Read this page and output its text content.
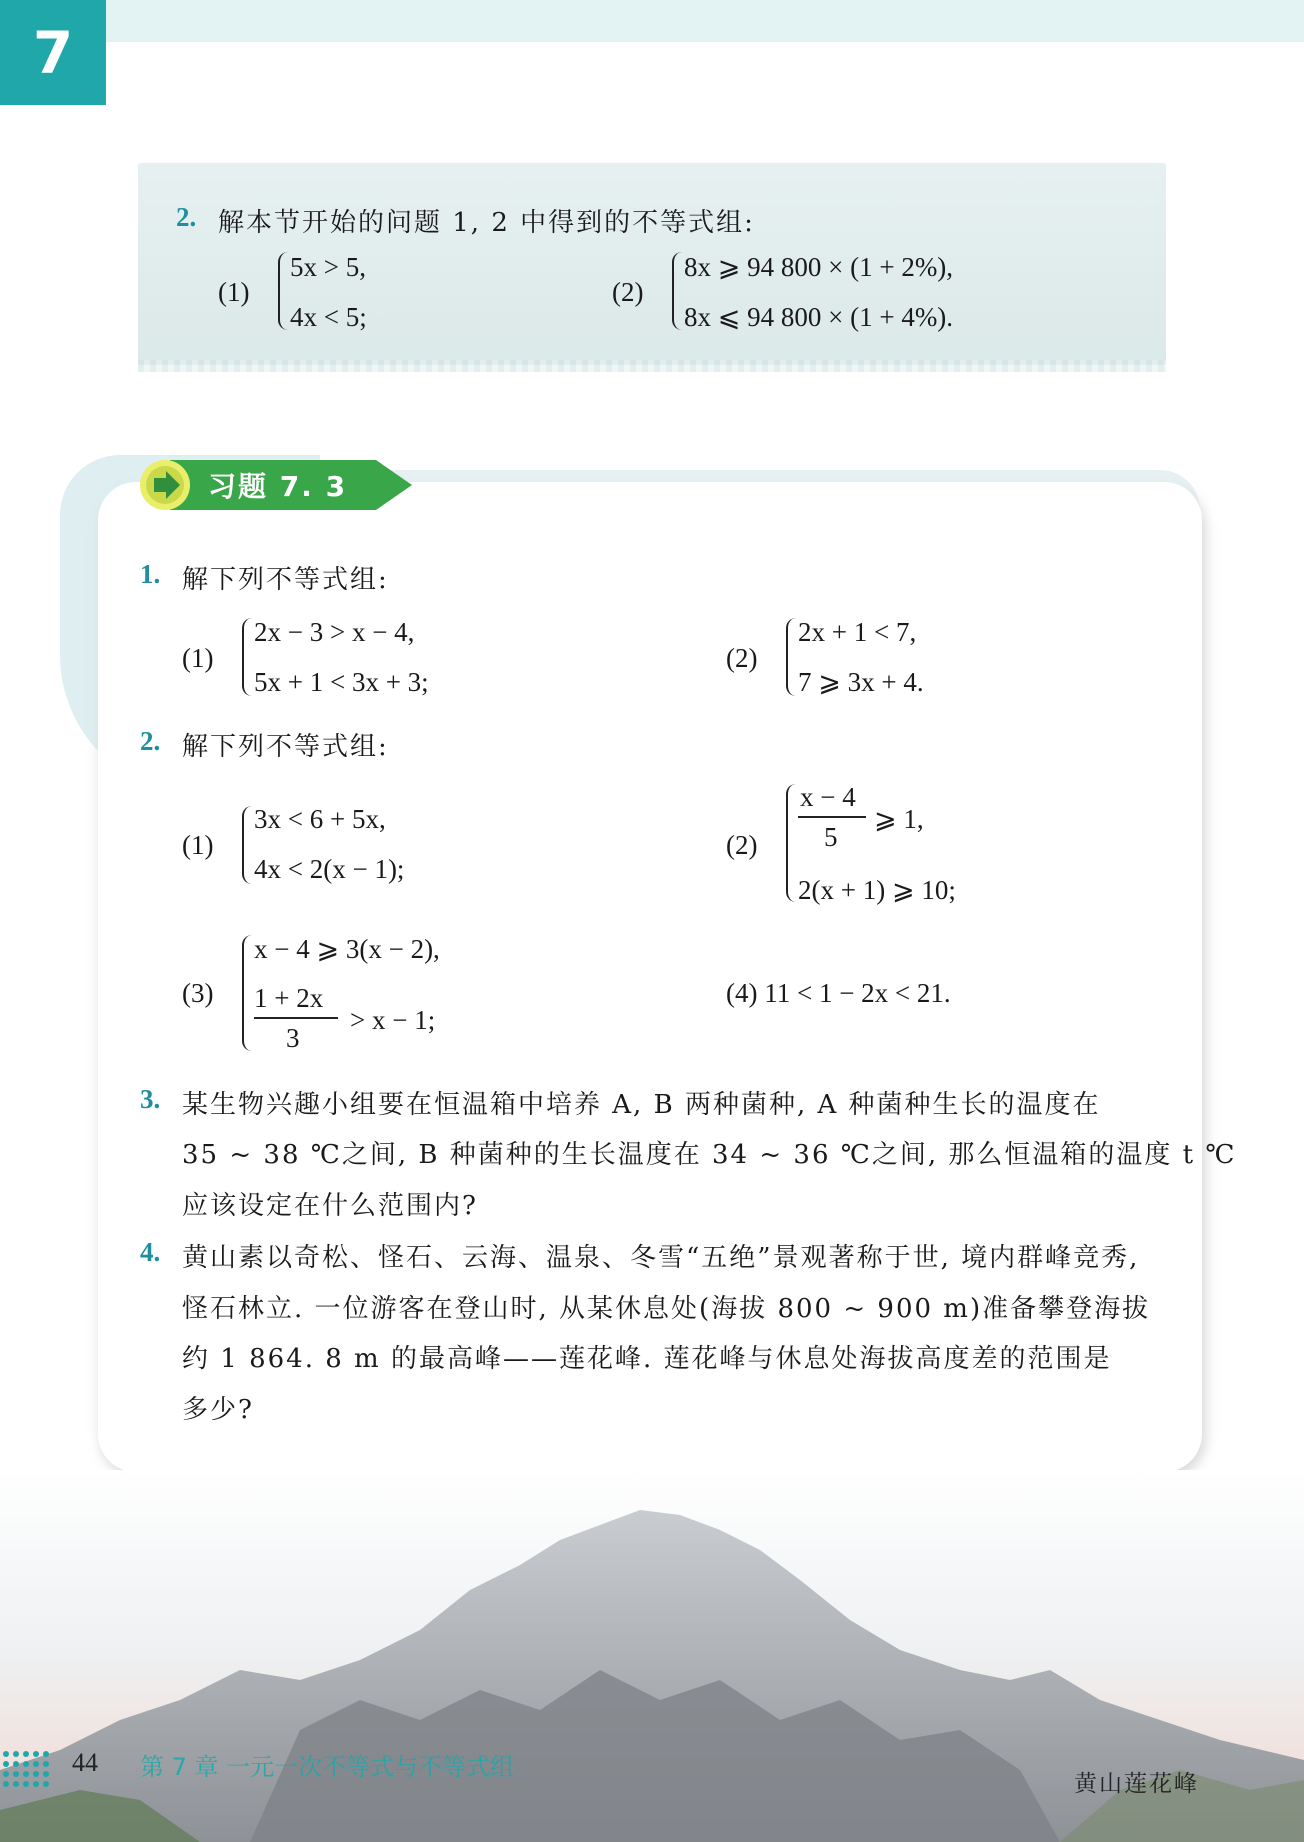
7
2. 解本节开始的问题 1, 2 中得到的不等式组:
(1)
5x > 5,
4x < 5;
(2)
8x ⩾ 94 800 × (1 + 2%),
8x ⩽ 94 800 × (1 + 4%).
习题 7. 3
1. 解下列不等式组:
(1)
2x − 3 > x − 4,
5x + 1 < 3x + 3;
(2)
2x + 1 < 7,
7 ⩾ 3x + 4.
2. 解下列不等式组:
(1)
3x < 6 + 5x,
4x < 2(x − 1);
(2)
x − 4
5
⩾ 1,
2(x + 1) ⩾ 10;
(3)
x − 4 ⩾ 3(x − 2),
1 + 2x
3
> x − 1;
(4) 11 < 1 − 2x < 21.
3. 某生物兴趣小组要在恒温箱中培养 A, B 两种菌种, A 种菌种生长的温度在
35 ~ 38 ℃之间, B 种菌种的生长温度在 34 ~ 36 ℃之间, 那么恒温箱的温度 t ℃
应该设定在什么范围内?
4. 黄山素以奇松、怪石、云海、温泉、冬雪“五绝”景观著称于世, 境内群峰竞秀,
怪石林立. 一位游客在登山时, 从某休息处(海拔 800 ~ 900 m)准备攀登海拔
约 1 864. 8 m 的最高峰——莲花峰. 莲花峰与休息处海拔高度差的范围是
多少?
44 第 7 章 一元一次不等式与不等式组
黄山莲花峰
